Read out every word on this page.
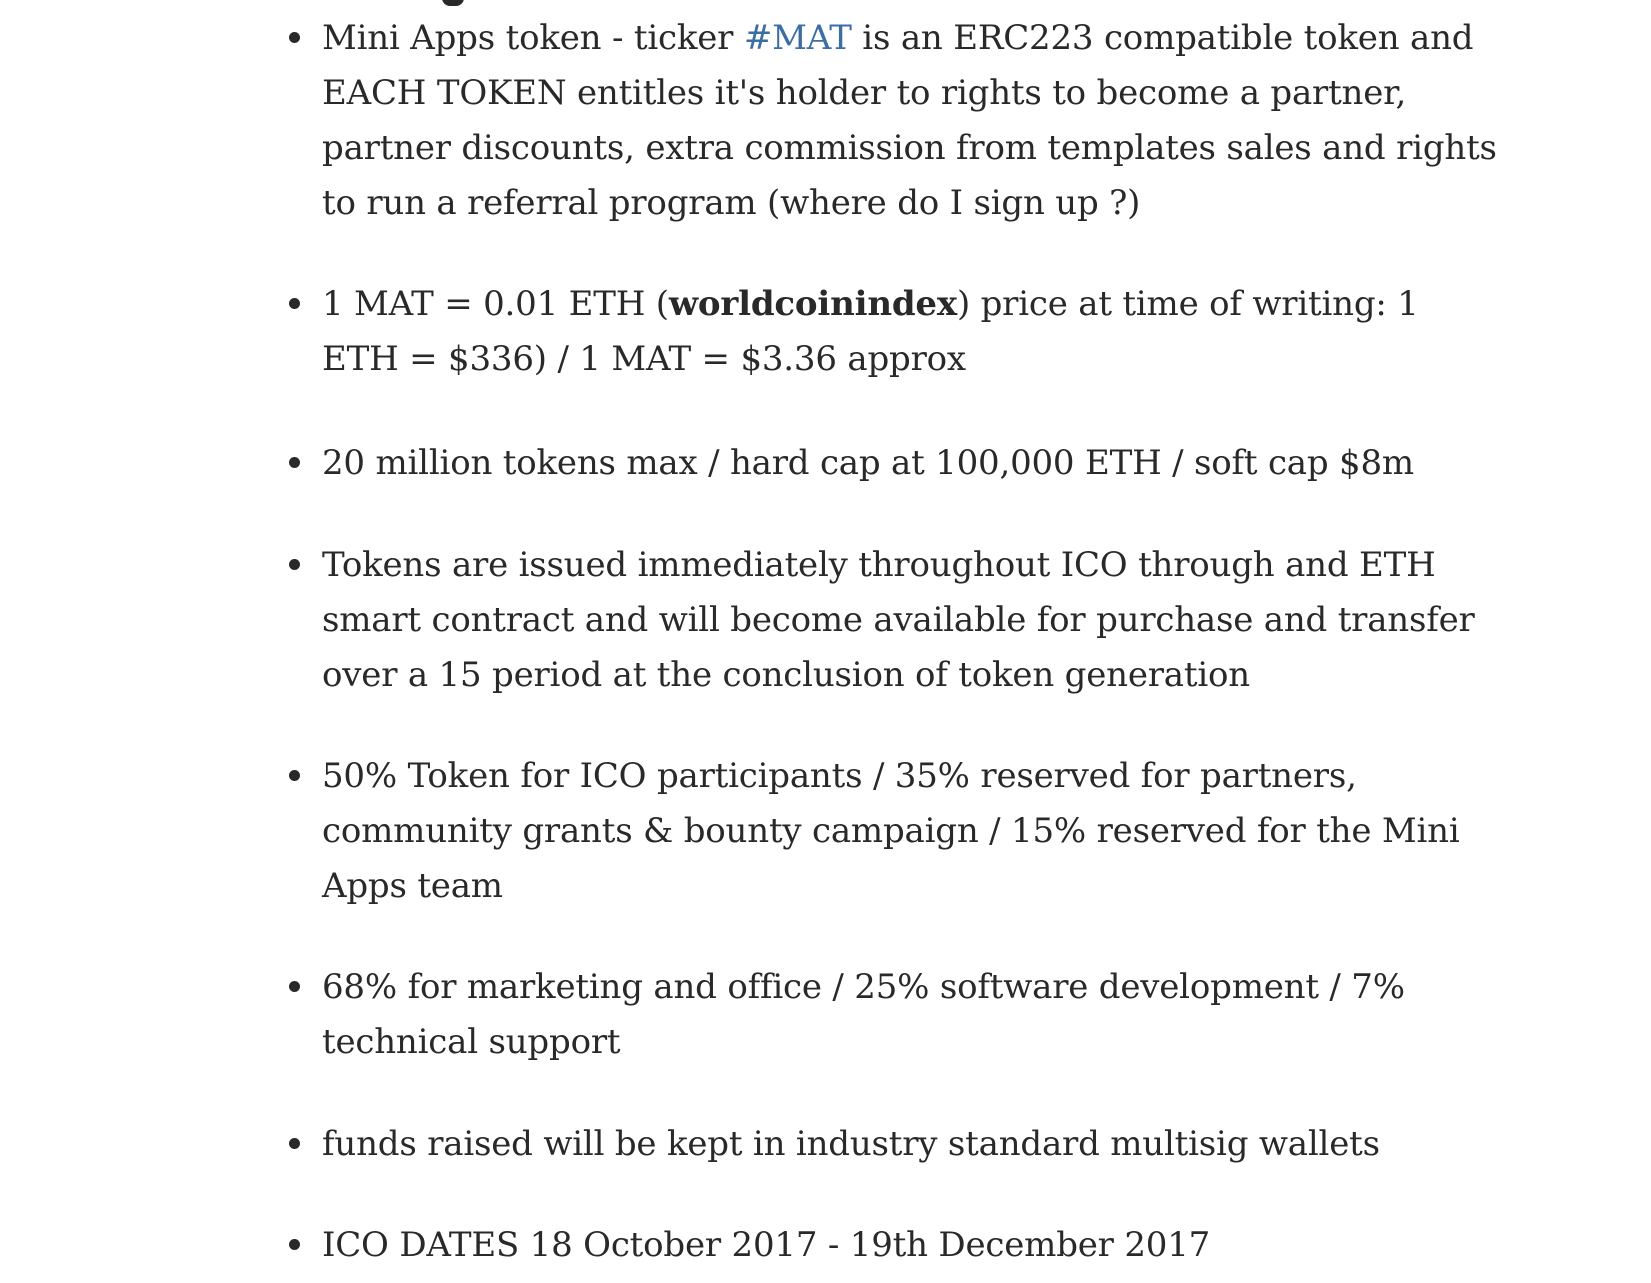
Mini Apps token - ticker #MAT is an ERC223 compatible token and EACH TOKEN entitles it's holder to rights to become a partner, partner discounts, extra commission from templates sales and rights to run a referral program (where do I sign up ?)
1 MAT = 0.01 ETH (worldcoinindex) price at time of writing: 1 ETH = $336) / 1 MAT = $3.36 approx
20 million tokens max / hard cap at 100,000 ETH / soft cap $8m
Tokens are issued immediately throughout ICO through and ETH smart contract and will become available for purchase and transfer over a 15 period at the conclusion of token generation
50% Token for ICO participants / 35% reserved for partners, community grants & bounty campaign / 15% reserved for the Mini Apps team
68% for marketing and office / 25% software development / 7% technical support
funds raised will be kept in industry standard multisig wallets
ICO DATES 18 October 2017 - 19th December 2017
